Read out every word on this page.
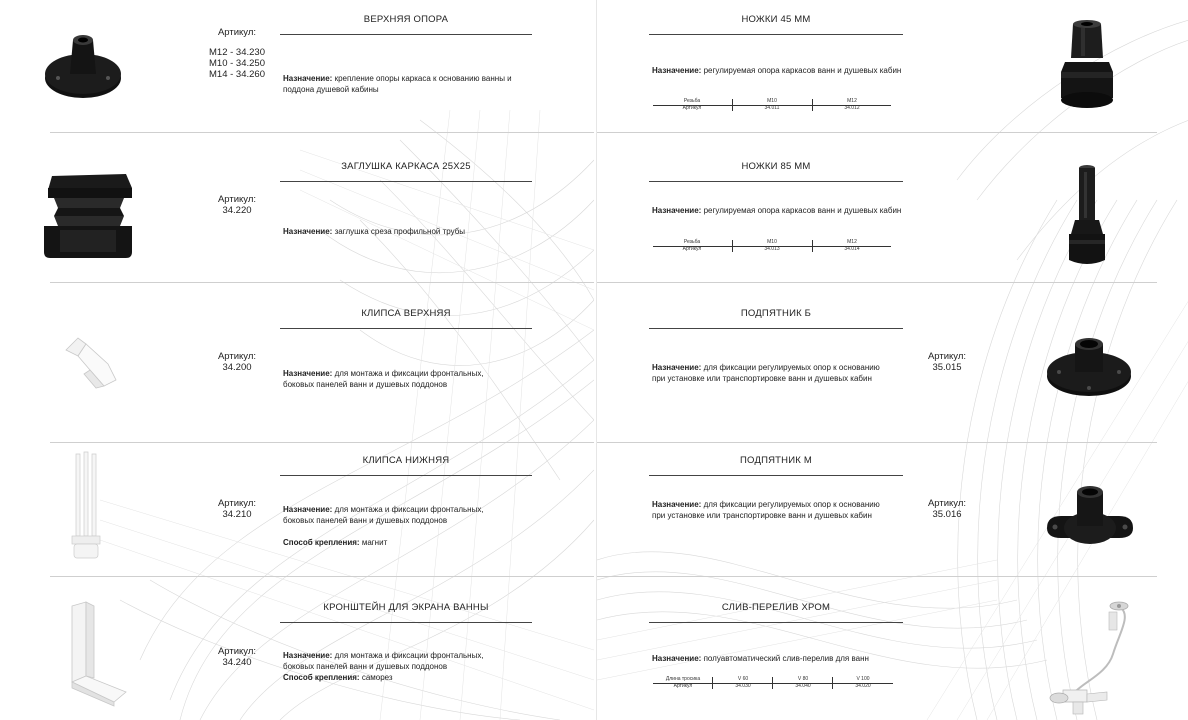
ВЕРХНЯЯ ОПОРА
Артикул:
М12 - 34.230
М10 - 34.250
М14 - 34.260	Назначение: крепление опоры каркаса к основанию ванны и поддона душевой кабины
ЗАГЛУШКА КАРКАСА 25Х25
Артикул:
34.220
Назначение: заглушка среза профильной трубы
КЛИПСА ВЕРХНЯЯ
Артикул:
34.200
Назначение: для монтажа и фиксации фронтальных, боковых панелей ванн и душевых поддонов
КЛИПСА НИЖНЯЯ
Артикул:
34.210	Назначение: для монтажа и фиксации фронтальных, боковых панелей ванн и душевых поддонов
Способ крепления: магнит
КРОНШТЕЙН ДЛЯ ЭКРАНА ВАННЫ
Артикул:
34.240
Назначение: для монтажа и фиксации фронтальных, боковых панелей ванн и душевых поддонов
Способ крепления: саморез
НОЖКИ 45 ММ
Назначение: регулируемая опора каркасов ванн и душевых кабин
Резьба	М10	М12
Артикул	34.011	34.012
НОЖКИ 85 ММ
Назначение: регулируемая опора каркасов ванн и душевых кабин
Резьба	М10	М12
Артикул	34.013	34.014
ПОДПЯТНИК Б
Назначение: для фиксации регулируемых опор к основанию при установке или транспортировке ванн и душевых кабин
Артикул:
35.015
ПОДПЯТНИК М
Назначение: для фиксации регулируемых опор к основанию при установке или транспортировке ванн и душевых кабин
Артикул:
35.016
СЛИВ-ПЕРЕЛИВ ХРОМ
Назначение: полуавтоматический слив-перелив для ванн
Длина тросика	V 60	V 80	V 100
Артикул	34.030	34.040	34.020
